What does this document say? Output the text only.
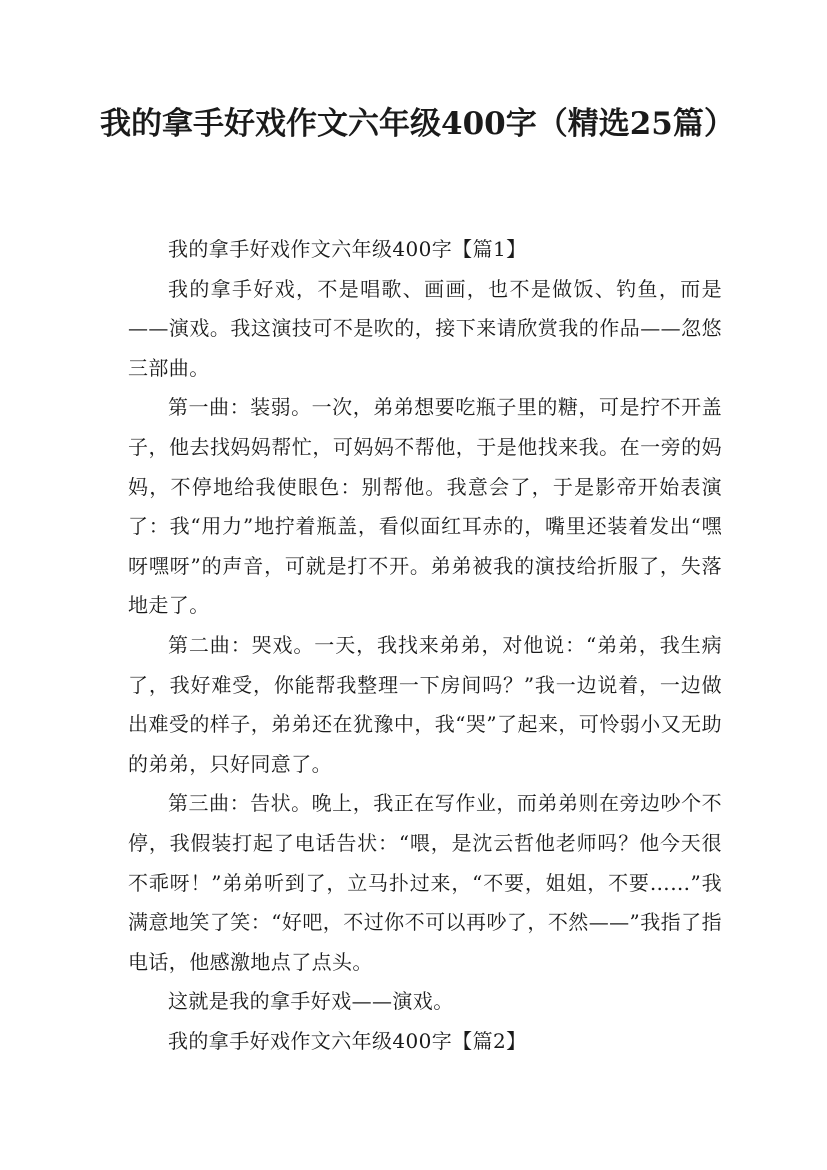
我的拿手好戏作文六年级400字（精选25篇）

我的拿手好戏作文六年级400字【篇1】

我的拿手好戏，不是唱歌、画画，也不是做饭、钓鱼，而是——演戏。我这演技可不是吹的，接下来请欣赏我的作品——忽悠三部曲。

第一曲：装弱。一次，弟弟想要吃瓶子里的糖，可是拧不开盖子，他去找妈妈帮忙，可妈妈不帮他，于是他找来我。在一旁的妈妈，不停地给我使眼色：别帮他。我意会了，于是影帝开始表演了：我“用力”地拧着瓶盖，看似面红耳赤的，嘴里还装着发出“嘿呀嘿呀”的声音，可就是打不开。弟弟被我的演技给折服了，失落地走了。

第二曲：哭戏。一天，我找来弟弟，对他说：“弟弟，我生病了，我好难受，你能帮我整理一下房间吗？”我一边说着，一边做出难受的样子，弟弟还在犹豫中，我“哭”了起来，可怜弱小又无助的弟弟，只好同意了。

第三曲：告状。晚上，我正在写作业，而弟弟则在旁边吵个不停，我假装打起了电话告状：“喂，是沈云哲他老师吗？他今天很不乖呀！”弟弟听到了，立马扑过来，“不要，姐姐，不要……”我满意地笑了笑：“好吧，不过你不可以再吵了，不然——”我指了指电话，他感激地点了点头。

这就是我的拿手好戏——演戏。

我的拿手好戏作文六年级400字【篇2】
